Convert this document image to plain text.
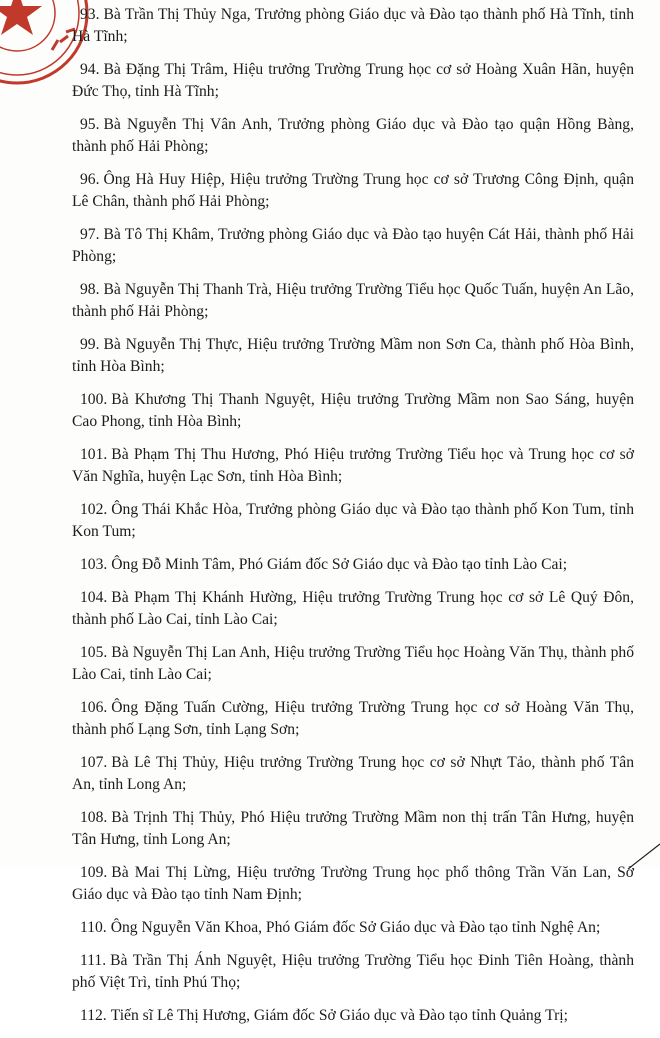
93. Bà Trần Thị Thủy Nga, Trưởng phòng Giáo dục và Đào tạo thành phố Hà Tĩnh, tỉnh Hà Tĩnh;

94. Bà Đặng Thị Trâm, Hiệu trưởng Trường Trung học cơ sở Hoàng Xuân Hãn, huyện Đức Thọ, tỉnh Hà Tĩnh;

95. Bà Nguyễn Thị Vân Anh, Trưởng phòng Giáo dục và Đào tạo quận Hồng Bàng, thành phố Hải Phòng;

96. Ông Hà Huy Hiệp, Hiệu trưởng Trường Trung học cơ sở Trương Công Định, quận Lê Chân, thành phố Hải Phòng;

97. Bà Tô Thị Khâm, Trưởng phòng Giáo dục và Đào tạo huyện Cát Hải, thành phố Hải Phòng;

98. Bà Nguyễn Thị Thanh Trà, Hiệu trưởng Trường Tiểu học Quốc Tuấn, huyện An Lão, thành phố Hải Phòng;

99. Bà Nguyễn Thị Thực, Hiệu trưởng Trường Mầm non Sơn Ca, thành phố Hòa Bình, tỉnh Hòa Bình;

100. Bà Khương Thị Thanh Nguyệt, Hiệu trưởng Trường Mầm non Sao Sáng, huyện Cao Phong, tỉnh Hòa Bình;

101. Bà Phạm Thị Thu Hương, Phó Hiệu trưởng Trường Tiểu học và Trung học cơ sở Văn Nghĩa, huyện Lạc Sơn, tỉnh Hòa Bình;

102. Ông Thái Khắc Hòa, Trưởng phòng Giáo dục và Đào tạo thành phố Kon Tum, tỉnh Kon Tum;

103. Ông Đỗ Minh Tâm, Phó Giám đốc Sở Giáo dục và Đào tạo tỉnh Lào Cai;

104. Bà Phạm Thị Khánh Hường, Hiệu trưởng Trường Trung học cơ sở Lê Quý Đôn, thành phố Lào Cai, tỉnh Lào Cai;

105. Bà Nguyễn Thị Lan Anh, Hiệu trưởng Trường Tiểu học Hoàng Văn Thụ, thành phố Lào Cai, tỉnh Lào Cai;

106. Ông Đặng Tuấn Cường, Hiệu trưởng Trường Trung học cơ sở Hoàng Văn Thụ, thành phố Lạng Sơn, tỉnh Lạng Sơn;

107. Bà Lê Thị Thủy, Hiệu trưởng Trường Trung học cơ sở Nhựt Tảo, thành phố Tân An, tỉnh Long An;

108. Bà Trịnh Thị Thủy, Phó Hiệu trưởng Trường Mầm non thị trấn Tân Hưng, huyện Tân Hưng, tỉnh Long An;

109. Bà Mai Thị Lừng, Hiệu trưởng Trường Trung học phổ thông Trần Văn Lan, Sở Giáo dục và Đào tạo tỉnh Nam Định;

110. Ông Nguyễn Văn Khoa, Phó Giám đốc Sở Giáo dục và Đào tạo tỉnh Nghệ An;

111. Bà Trần Thị Ánh Nguyệt, Hiệu trưởng Trường Tiểu học Đinh Tiên Hoàng, thành phố Việt Trì, tỉnh Phú Thọ;

112. Tiến sĩ Lê Thị Hương, Giám đốc Sở Giáo dục và Đào tạo tỉnh Quảng Trị;
